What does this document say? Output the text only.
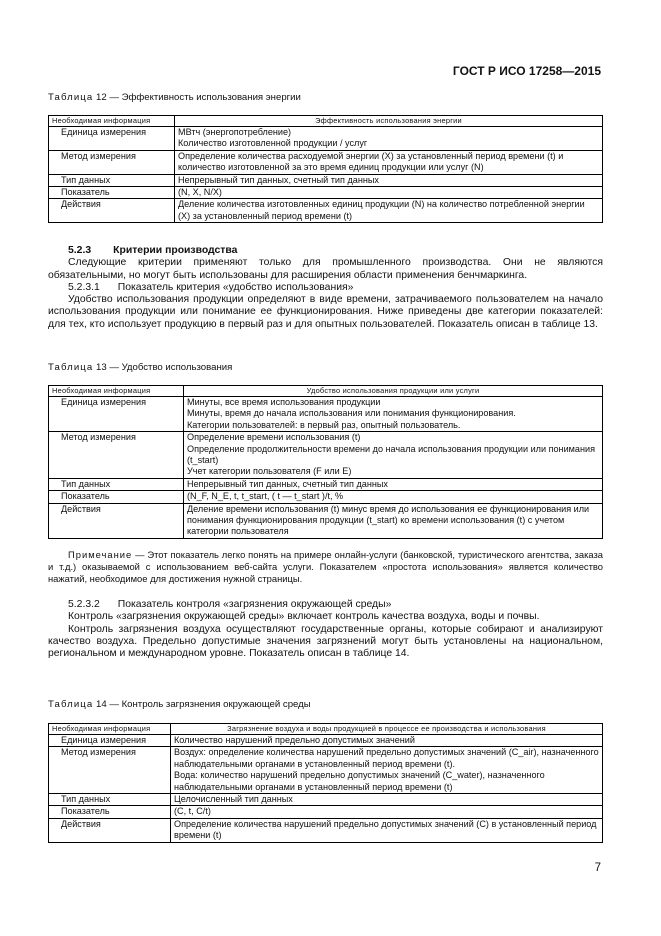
ГОСТ Р ИСО 17258—2015
Таблица 12 — Эффективность использования энергии
Необходимая информация	Эффективность использования энергии
Единица измерения	МВтч (энергопотребление)

Количество изготовленной продукции / услуг

Метод измерения	Определение количества расходуемой энергии (X) за установленный период времени (t) и количество изготовленной за это время единиц продукции или услуг (N)

Тип данных	Непрерывный тип данных, счетный тип данных

Показатель	(N, X, N/X)

Действия	Деление количества изготовленных единиц продукции (N) на количество потребленной энергии (X) за установленный период времени (t)

5.2.3 Критерии производства

Следующие критерии применяют только для промышленного производства. Они не являются обязательными, но могут быть использованы для расширения области применения бенчмаркинга.

5.2.3.1 Показатель критерия «удобство использования»

Удобство использования продукции определяют в виде времени, затрачиваемого пользователем на начало использования продукции или понимание ее функционирования. Ниже приведены две категории показателей: для тех, кто использует продукцию в первый раз и для опытных пользователей. Показатель описан в таблице 13.

Таблица 13 — Удобство использования
Необходимая информация	Удобство использования продукции или услуги
Единица измерения	Минуты, все время использования продукции

Минуты, время до начала использования или понимания функционирования.

Категории пользователей: в первый раз, опытный пользователь.

Метод измерения	Определение времени использования (t)

Определение продолжительности времени до начала использования продукции или понимания (t_start)

Учет категории пользователя (F или E)

Тип данных	Непрерывный тип данных, счетный тип данных

Показатель	(N_F, N_E, t, t_start, ( t — t_start )/t, %

Действия	Деление времени использования (t) минус время до использования ее функционирования или понимания функционирования продукции (t_start) ко времени использования (t) с учетом категории пользователя

Примечание — Этот показатель легко понять на примере онлайн-услуги (банковской, туристического агентства, заказа и т.д.) оказываемой с использованием веб-сайта услуги. Показателем «простота использования» является количество нажатий, необходимое для достижения нужной страницы.

5.2.3.2 Показатель контроля «загрязнения окружающей среды»

Контроль «загрязнения окружающей среды» включает контроль качества воздуха, воды и почвы.

Контроль загрязнения воздуха осуществляют государственные органы, которые собирают и анализируют качество воздуха. Предельно допустимые значения загрязнений могут быть установлены на национальном, региональном и международном уровне. Показатель описан в таблице 14.

Таблица 14 — Контроль загрязнения окружающей среды
Необходимая информация	Загрязнение воздуха и воды продукцией в процессе ее производства и использования
Единица измерения	Количество нарушений предельно допустимых значений

Метод измерения	Воздух: определение количества нарушений предельно допустимых значений (C_air), назначенного наблюдательными органами в установленный период времени (t).

Вода: количество нарушений предельно допустимых значений (C_water), назначенного наблюдательными органами в установленный период времени (t)

Тип данных	Целочисленный тип данных

Показатель	(C, t, C/t)

Действия	Определение количества нарушений предельно допустимых значений (C) в установленный период времени (t)

7
